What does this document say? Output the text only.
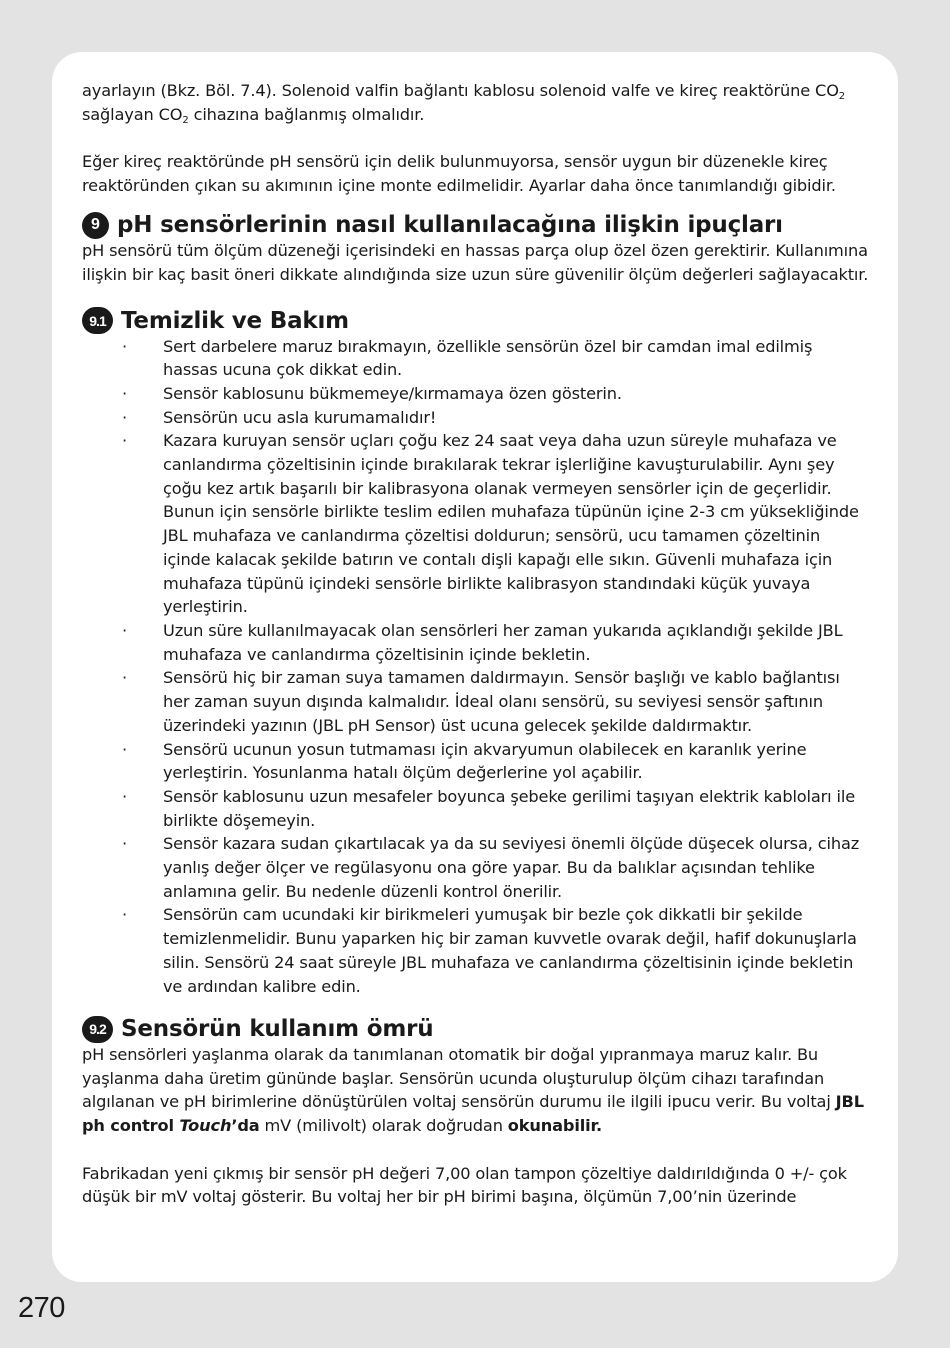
ayarlayın (Bkz. Böl. 7.4). Solenoid valfin bağlantı kablosu solenoid valfe ve kireç reaktörüne $CO_2$ sağlayan $CO_2$ cihazına bağlanmış olmalıdır.

Eğer kireç reaktöründe pH sensörü için delik bulunmuyorsa, sensör uygun bir düzenekle kireç reaktöründen çıkan su akımının içine monte edilmelidir. Ayarlar daha önce tanımlandığı gibidir.

9 pH sensörlerinin nasıl kullanılacağına ilişkin ipuçları

pH sensörü tüm ölçüm düzeneği içerisindeki en hassas parça olup özel özen gerektirir. Kullanımına ilişkin bir kaç basit öneri dikkate alındığında size uzun süre güvenilir ölçüm değerleri sağlayacaktır.

9.1 Temizlik ve Bakım
· Sert darbelere maruz bırakmayın, özellikle sensörün özel bir camdan imal edilmiş hassas ucuna çok dikkat edin.
· Sensör kablosunu bükmemeye/kırmamaya özen gösterin.
· Sensörün ucu asla kurumamalıdır!
· Kazara kuruyan sensör uçları çoğu kez 24 saat veya daha uzun süreyle muhafaza ve canlandırma çözeltisinin içinde bırakılarak tekrar işlerliğine kavuşturulabilir. Aynı şey çoğu kez artık başarılı bir kalibrasyona olanak vermeyen sensörler için de geçerlidir. Bunun için sensörle birlikte teslim edilen muhafaza tüpünün içine 2-3 cm yüksekliğinde JBL muhafaza ve canlandırma çözeltisi doldurun; sensörü, ucu tamamen çözeltinin içinde kalacak şekilde batırın ve contalı dişli kapağı elle sıkın. Güvenli muhafaza için muhafaza tüpünü içindeki sensörle birlikte kalibrasyon standındaki küçük yuvaya yerleştirin.
· Uzun süre kullanılmayacak olan sensörleri her zaman yukarıda açıklandığı şekilde JBL muhafaza ve canlandırma çözeltisinin içinde bekletin.
· Sensörü hiç bir zaman suya tamamen daldırmayın. Sensör başlığı ve kablo bağlantısı her zaman suyun dışında kalmalıdır. İdeal olanı sensörü, su seviyesi sensör şaftının üzerindeki yazının (JBL pH Sensor) üst ucuna gelecek şekilde daldırmaktır.
· Sensörü ucunun yosun tutmaması için akvaryumun olabilecek en karanlık yerine yerleştirin. Yosunlanma hatalı ölçüm değerlerine yol açabilir.
· Sensör kablosunu uzun mesafeler boyunca şebeke gerilimi taşıyan elektrik kabloları ile birlikte döşemeyin.
· Sensör kazara sudan çıkartılacak ya da su seviyesi önemli ölçüde düşecek olursa, cihaz yanlış değer ölçer ve regülasyonu ona göre yapar. Bu da balıklar açısından tehlike anlamına gelir. Bu nedenle düzenli kontrol önerilir.
· Sensörün cam ucundaki kir birikmeleri yumuşak bir bezle çok dikkatli bir şekilde temizlenmelidir. Bunu yaparken hiç bir zaman kuvvetle ovarak değil, hafif dokunuşlarla silin. Sensörü 24 saat süreyle JBL muhafaza ve canlandırma çözeltisinin içinde bekletin ve ardından kalibre edin.
9.2 Sensörün kullanım ömrü

pH sensörleri yaşlanma olarak da tanımlanan otomatik bir doğal yıpranmaya maruz kalır. Bu yaşlanma daha üretim gününde başlar. Sensörün ucunda oluşturulup ölçüm cihazı tarafından algılanan ve pH birimlerine dönüştürülen voltaj sensörün durumu ile ilgili ipucu verir. Bu voltaj JBL ph control Touch’da mV (milivolt) olarak doğrudan okunabilir.

Fabrikadan yeni çıkmış bir sensör pH değeri 7,00 olan tampon çözeltiye daldırıldığında 0 +/- çok düşük bir mV voltaj gösterir. Bu voltaj her bir pH birimi başına, ölçümün 7,00’nin üzerinde

270
